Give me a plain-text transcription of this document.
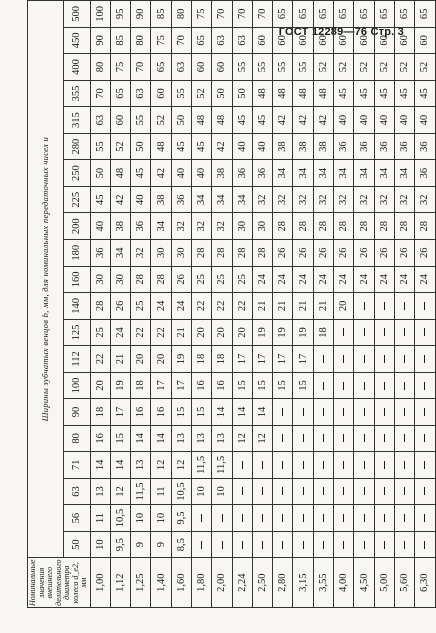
ГОСТ 12289—76 Стр. 3
Номинальные значения внешнего делительного диаметра колеса d_e2, мм	Ширины зубчатых венцов b, мм, для номинальных передаточных чисел u																				
	50	56	63	71	80	90	100	112	125	140	160	180	200	225	250	280	315	355	400	450	500
1,00	10	11	13	14	16	18	20	22	25	28	30	36	40	45	50	55	63	70	80	90	100
1,12	9,5	10,5	12	14	15	17	19	21	24	26	30	34	38	42	48	52	60	65	75	85	95
1,25	9	10	11,5	13	14	16	18	20	22	25	28	32	36	40	45	50	55	63	70	80	90
1,40	9	10	11	12	14	16	17	20	22	24	28	30	34	38	42	48	52	60	65	75	85
1,60	8,5	9,5	10,5	12	13	15	17	19	21	24	26	30	32	36	40	45	50	55	63	70	80
1,80			10	11,5	13	15	16	18	20	22	25	28	32	34	40	45	48	52	60	65	75
2,00			10	11,5	13	14	16	18	20	22	25	28	32	34	38	42	48	50	60	63	70
2,24					12	14	15	17	20	22	25	28	30	34	36	40	45	50	55	63	70
2,50					12	14	15	17	19	21	24	28	30	32	36	40	45	48	55	60	70
2,80							15	17	19	21	24	26	28	32	34	38	42	48	55	60	65
3,15							15	17	19	21	24	26	28	32	34	38	42	48	55	60	65
3,55									18	21	24	26	28	32	34	38	42	48	52	60	65
4,00										20	24	26	28	32	34	36	40	45	52	60	65
4,50											24	26	28	32	34	36	40	45	52	60	65
5,00											24	26	28	32	34	36	40	45	52	60	65
5,60											24	26	28	32	34	36	40	45	52	60	65
6,30											24	26	28	32	36	36	40	45	52	60	65
